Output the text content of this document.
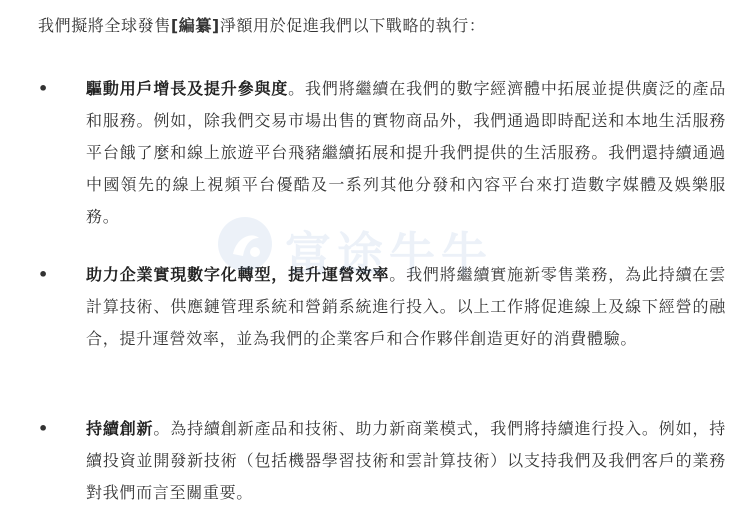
我們擬將全球發售[編纂]淨額用於促進我們以下戰略的執行：
• 驅動用戶增長及提升參與度。我們將繼續在我們的數字經濟體中拓展並提供廣泛的產品和服務。例如，除我們交易市場出售的實物商品外，我們通過即時配送和本地生活服務平台餓了麼和線上旅遊平台飛豬繼續拓展和提升我們提供的生活服務。我們還持續通過中國領先的線上視頻平台優酷及一系列其他分發和內容平台來打造數字媒體及娛樂服務。
• 助力企業實現數字化轉型，提升運營效率。我們將繼續實施新零售業務，為此持續在雲計算技術、供應鏈管理系統和營銷系統進行投入。以上工作將促進線上及線下經營的融合，提升運營效率，並為我們的企業客戶和合作夥伴創造更好的消費體驗。
• 持續創新。為持續創新產品和技術、助力新商業模式，我們將持續進行投入。例如，持續投資並開發新技術（包括機器學習技術和雲計算技術）以支持我們及我們客戶的業務對我們而言至關重要。
富途牛牛
